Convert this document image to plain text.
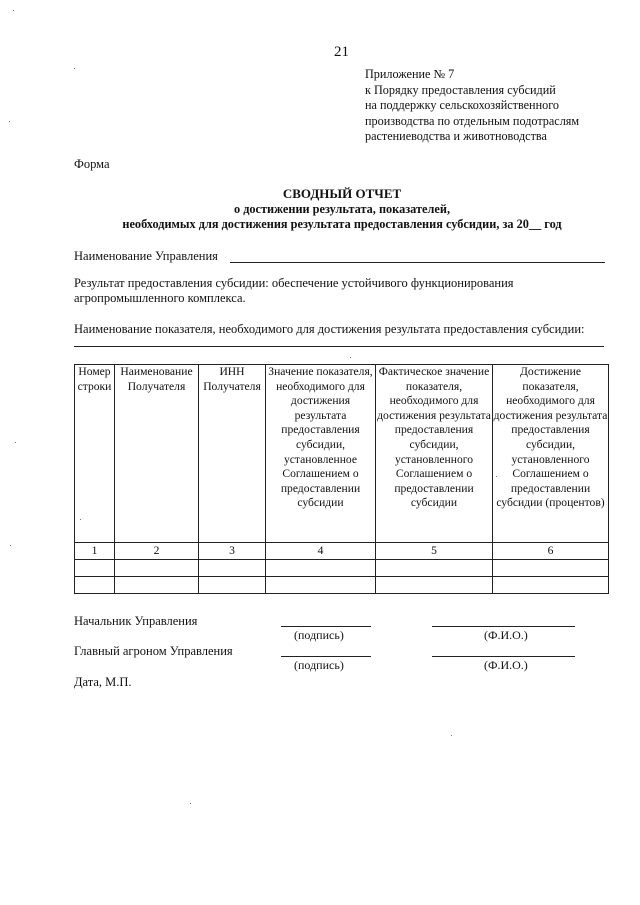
21
Приложение № 7
к Порядку предоставления субсидий
на поддержку сельскохозяйственного
производства по отдельным подотраслям
растениеводства и животноводства
Форма
СВОДНЫЙ ОТЧЕТ
о достижении результата, показателей,
необходимых для достижения результата предоставления субсидии, за 20__ год
Наименование Управления
Результат предоставления субсидии: обеспечение устойчивого функционирования
агропромышленного комплекса.
Наименование показателя, необходимого для достижения результата предоставления субсидии:
Номер строки	Наименование Получателя	ИНН Получателя	Значение показателя, необходимого для достижения результата предоставления субсидии, установленное Соглашением о предоставлении субсидии	Фактическое значение показателя, необходимого для достижения результата предоставления субсидии, установленного Соглашением о предоставлении субсидии	Достижение показателя, необходимого для достижения результата предоставления субсидии, установленного Соглашением о предоставлении субсидии (процентов)
1	2	3	4	5	6

Начальник Управления
(подпись)	(Ф.И.О.)
Главный агроном Управления
(подпись)	(Ф.И.О.)
Дата, М.П.
